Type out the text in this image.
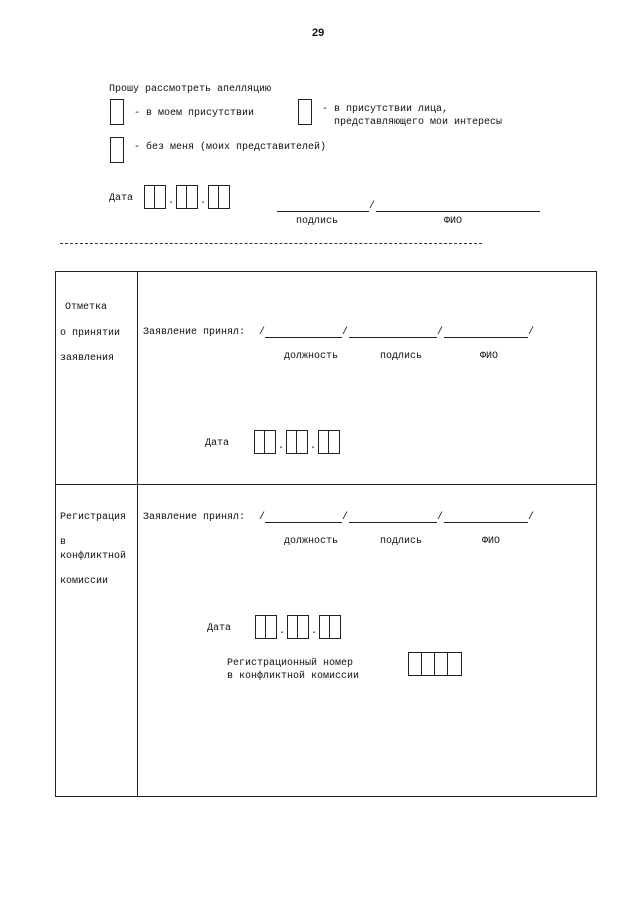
29
Прошу рассмотреть апелляцию
- в моем присутствии	- в присутствии лица,
представляющего мои интересы
- без меня (моих представителей)
Дата	.	.	/
подлись	ФИО
Отметка
о принятии
заявления
Заявление принял: /	/	/	/
должность	подлись	ФИО
Дата	.	.
Регистрация
в
конфликтной
комиссии
Заявление принял: /	/	/	/
должность	подлись	ФИО
Дата	.	.
Регистрационный номер
в конфликтной комиссии
